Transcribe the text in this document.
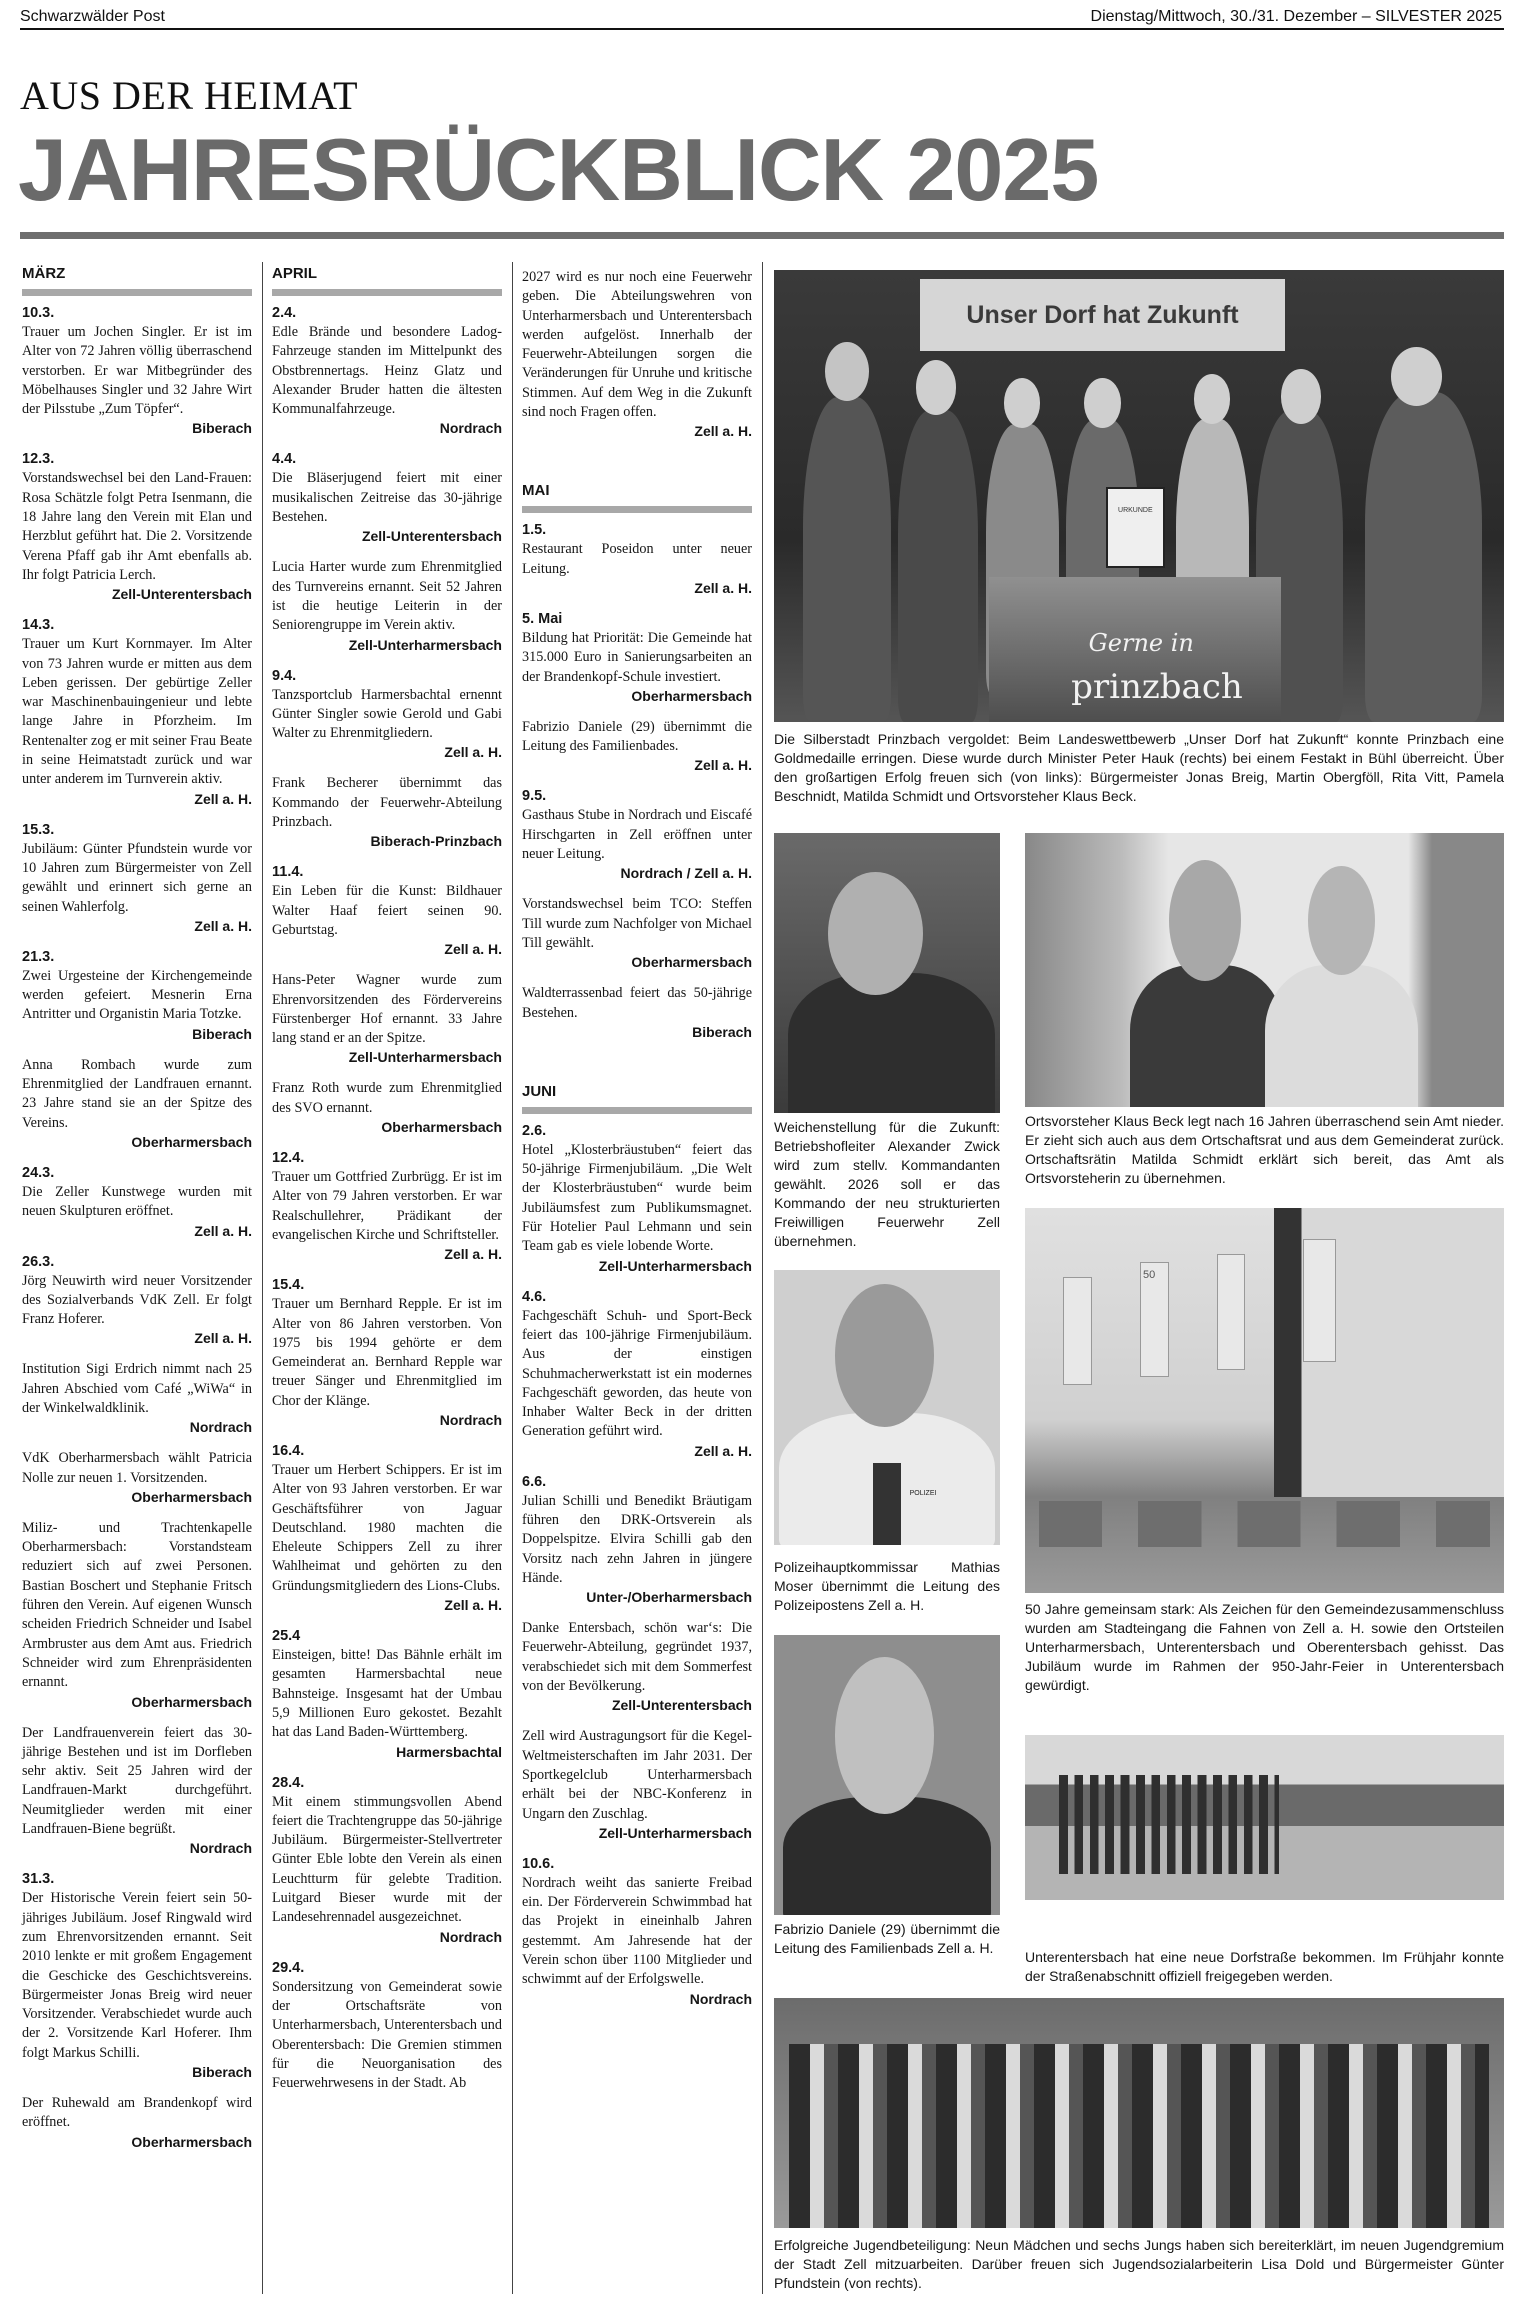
Schwarzwälder Post	Dienstag/Mittwoch, 30./31. Dezember – SILVESTER 2025
AUS DER HEIMAT
JAHRESRÜCKBLICK 2025
MÄRZ
10.3.
Trauer um Jochen Singler. Er ist im Alter von 72 Jahren völlig überraschend verstorben. Er war Mitbegründer des Möbelhauses Singler und 32 Jahre Wirt der Pilsstube „Zum Töpfer“.
Biberach
12.3.
Vorstandswechsel bei den Land-Frauen: Rosa Schätzle folgt Petra Isenmann, die 18 Jahre lang den Verein mit Elan und Herzblut geführt hat. Die 2. Vorsitzende Verena Pfaff gab ihr Amt ebenfalls ab. Ihr folgt Patricia Lerch.
Zell-Unterentersbach
14.3.
Trauer um Kurt Kornmayer. Im Alter von 73 Jahren wurde er mitten aus dem Leben gerissen. Der gebürtige Zeller war Maschinenbauingenieur und lebte lange Jahre in Pforzheim. Im Rentenalter zog er mit seiner Frau Beate in seine Heimatstadt zurück und war unter anderem im Turnverein aktiv.
Zell a. H.
15.3.
Jubiläum: Günter Pfundstein wurde vor 10 Jahren zum Bürgermeister von Zell gewählt und erinnert sich gerne an seinen Wahlerfolg.
Zell a. H.
21.3.
Zwei Urgesteine der Kirchengemeinde werden gefeiert. Mesnerin Erna Antritter und Organistin Maria Totzke.
Biberach
Anna Rombach wurde zum Ehrenmitglied der Landfrauen ernannt. 23 Jahre stand sie an der Spitze des Vereins.
Oberharmersbach
24.3.
Die Zeller Kunstwege wurden mit neuen Skulpturen eröffnet.
Zell a. H.
26.3.
Jörg Neuwirth wird neuer Vorsitzender des Sozialverbands VdK Zell. Er folgt Franz Hoferer.
Zell a. H.
Institution Sigi Erdrich nimmt nach 25 Jahren Abschied vom Café „WiWa“ in der Winkelwaldklinik.
Nordrach
VdK Oberharmersbach wählt Patricia Nolle zur neuen 1. Vorsitzenden.
Oberharmersbach
Miliz- und Trachtenkapelle Oberharmersbach: Vorstandsteam reduziert sich auf zwei Personen. Bastian Boschert und Stephanie Fritsch führen den Verein. Auf eigenen Wunsch scheiden Friedrich Schneider und Isabel Armbruster aus dem Amt aus. Friedrich Schneider wird zum Ehrenpräsidenten ernannt.
Oberharmersbach
Der Landfrauenverein feiert das 30-jährige Bestehen und ist im Dorfleben sehr aktiv. Seit 25 Jahren wird der Landfrauen-Markt durchgeführt. Neumitglieder werden mit einer Landfrauen-Biene begrüßt.
Nordrach
31.3.
Der Historische Verein feiert sein 50-jähriges Jubiläum. Josef Ringwald wird zum Ehrenvorsitzenden ernannt. Seit 2010 lenkte er mit großem Engagement die Geschicke des Geschichtsvereins. Bürgermeister Jonas Breig wird neuer Vorsitzender. Verabschiedet wurde auch der 2. Vorsitzende Karl Hoferer. Ihm folgt Markus Schilli.
Biberach
Der Ruhewald am Brandenkopf wird eröffnet.
Oberharmersbach
APRIL
2.4.
Edle Brände und besondere Ladog-Fahrzeuge standen im Mittelpunkt des Obstbrennertags. Heinz Glatz und Alexander Bruder hatten die ältesten Kommunalfahrzeuge.
Nordrach
4.4.
Die Bläserjugend feiert mit einer musikalischen Zeitreise das 30-jährige Bestehen.
Zell-Unterentersbach
Lucia Harter wurde zum Ehrenmitglied des Turnvereins ernannt. Seit 52 Jahren ist die heutige Leiterin in der Seniorengruppe im Verein aktiv.
Zell-Unterharmersbach
9.4.
Tanzsportclub Harmersbachtal ernennt Günter Singler sowie Gerold und Gabi Walter zu Ehrenmitgliedern.
Zell a. H.
Frank Becherer übernimmt das Kommando der Feuerwehr-Abteilung Prinzbach.
Biberach-Prinzbach
11.4.
Ein Leben für die Kunst: Bildhauer Walter Haaf feiert seinen 90. Geburtstag.
Zell a. H.
Hans-Peter Wagner wurde zum Ehrenvorsitzenden des Fördervereins Fürstenberger Hof ernannt. 33 Jahre lang stand er an der Spitze.
Zell-Unterharmersbach
Franz Roth wurde zum Ehrenmitglied des SVO ernannt.
Oberharmersbach
12.4.
Trauer um Gottfried Zurbrügg. Er ist im Alter von 79 Jahren verstorben. Er war Realschullehrer, Prädikant der evangelischen Kirche und Schriftsteller.
Zell a. H.
15.4.
Trauer um Bernhard Repple. Er ist im Alter von 86 Jahren verstorben. Von 1975 bis 1994 gehörte er dem Gemeinderat an. Bernhard Repple war treuer Sänger und Ehrenmitglied im Chor der Klänge.
Nordrach
16.4.
Trauer um Herbert Schippers. Er ist im Alter von 93 Jahren verstorben. Er war Geschäftsführer von Jaguar Deutschland. 1980 machten die Eheleute Schippers Zell zu ihrer Wahlheimat und gehörten zu den Gründungsmitgliedern des Lions-Clubs.
Zell a. H.
25.4
Einsteigen, bitte! Das Bähnle erhält im gesamten Harmersbachtal neue Bahnsteige. Insgesamt hat der Umbau 5,9 Millionen Euro gekostet. Bezahlt hat das Land Baden-Württemberg.
Harmersbachtal
28.4.
Mit einem stimmungsvollen Abend feiert die Trachtengruppe das 50-jährige Jubiläum. Bürgermeister-Stellvertreter Günter Eble lobte den Verein als einen Leuchtturm für gelebte Tradition. Luitgard Bieser wurde mit der Landesehrennadel ausgezeichnet.
Nordrach
29.4.
Sondersitzung von Gemeinderat sowie der Ortschaftsräte von Unterharmersbach, Unterentersbach und Oberentersbach: Die Gremien stimmen für die Neuorganisation des Feuerwehrwesens in der Stadt. Ab
2027 wird es nur noch eine Feuerwehr geben. Die Abteilungswehren von Unterharmersbach und Unterentersbach werden aufgelöst. Innerhalb der Feuerwehr-Abteilungen sorgen die Veränderungen für Unruhe und kritische Stimmen. Auf dem Weg in die Zukunft sind noch Fragen offen.
Zell a. H.
MAI
1.5.
Restaurant Poseidon unter neuer Leitung.
Zell a. H.
5. Mai
Bildung hat Priorität: Die Gemeinde hat 315.000 Euro in Sanierungsarbeiten an der Brandenkopf-Schule investiert.
Oberharmersbach
Fabrizio Daniele (29) übernimmt die Leitung des Familienbades.
Zell a. H.
9.5.
Gasthaus Stube in Nordrach und Eiscafé Hirschgarten in Zell eröffnen unter neuer Leitung.
Nordrach / Zell a. H.
Vorstandswechsel beim TCO: Steffen Till wurde zum Nachfolger von Michael Till gewählt.
Oberharmersbach
Waldterrassenbad feiert das 50-jährige Bestehen.
Biberach
JUNI
2.6.
Hotel „Klosterbräustuben“ feiert das 50-jährige Firmenjubiläum. „Die Welt der Klosterbräustuben“ wurde beim Jubiläumsfest zum Publikumsmagnet. Für Hotelier Paul Lehmann und sein Team gab es viele lobende Worte.
Zell-Unterharmersbach
4.6.
Fachgeschäft Schuh- und Sport-Beck feiert das 100-jährige Firmenjubiläum. Aus der einstigen Schuhmacherwerkstatt ist ein modernes Fachgeschäft geworden, das heute von Inhaber Walter Beck in der dritten Generation geführt wird.
Zell a. H.
6.6.
Julian Schilli und Benedikt Bräutigam führen den DRK-Ortsverein als Doppelspitze. Elvira Schilli gab den Vorsitz nach zehn Jahren in jüngere Hände.
Unter-/Oberharmersbach
Danke Entersbach, schön war‘s: Die Feuerwehr-Abteilung, gegründet 1937, verabschiedet sich mit dem Sommerfest von der Bevölkerung.
Zell-Unterentersbach
Zell wird Austragungsort für die Kegel-Weltmeisterschaften im Jahr 2031. Der Sportkegelclub Unterharmersbach erhält bei der NBC-Konferenz in Ungarn den Zuschlag.
Zell-Unterharmersbach
10.6.
Nordrach weiht das sanierte Freibad ein. Der Förderverein Schwimmbad hat das Projekt in eineinhalb Jahren gestemmt. Am Jahresende hat der Verein schon über 1100 Mitglieder und schwimmt auf der Erfolgswelle.
Nordrach
Unser Dorf hat Zukunft
URKUNDE
Gerne in
prinzbach
Die Silberstadt Prinzbach vergoldet: Beim Landeswettbewerb „Unser Dorf hat Zukunft“ konnte Prinzbach eine Goldmedaille erringen. Diese wurde durch Minister Peter Hauk (rechts) bei einem Festakt in Bühl überreicht. Über den großartigen Erfolg freuen sich (von links): Bürgermeister Jonas Breig, Martin Obergföll, Rita Vitt, Pamela Beschnidt, Matilda Schmidt und Ortsvorsteher Klaus Beck.
Weichenstellung für die Zukunft: Betriebshofleiter Alexander Zwick wird zum stellv. Kommandanten gewählt. 2026 soll er das Kommando der neu strukturierten Freiwilligen Feuerwehr Zell übernehmen.
Ortsvorsteher Klaus Beck legt nach 16 Jahren überraschend sein Amt nieder. Er zieht sich auch aus dem Ortschaftsrat und aus dem Gemeinderat zurück. Ortschaftsrätin Matilda Schmidt erklärt sich bereit, das Amt als Ortsvorsteherin zu übernehmen.
POLIZEI
Polizeihauptkommissar Mathias Moser übernimmt die Leitung des Polizeipostens Zell a. H.
50
50 Jahre gemeinsam stark: Als Zeichen für den Gemeindezusammenschluss wurden am Stadteingang die Fahnen von Zell a. H. sowie den Ortsteilen Unterharmersbach, Unterentersbach und Oberentersbach gehisst. Das Jubiläum wurde im Rahmen der 950-Jahr-Feier in Unterentersbach gewürdigt.
Fabrizio Daniele (29) übernimmt die Leitung des Familienbads Zell a. H.
Unterentersbach hat eine neue Dorfstraße bekommen. Im Frühjahr konnte der Straßenabschnitt offiziell freigegeben werden.
Erfolgreiche Jugendbeteiligung: Neun Mädchen und sechs Jungs haben sich bereiterklärt, im neuen Jugendgremium der Stadt Zell mitzuarbeiten. Darüber freuen sich Jugendsozialarbeiterin Lisa Dold und Bürgermeister Günter Pfundstein (von rechts).
